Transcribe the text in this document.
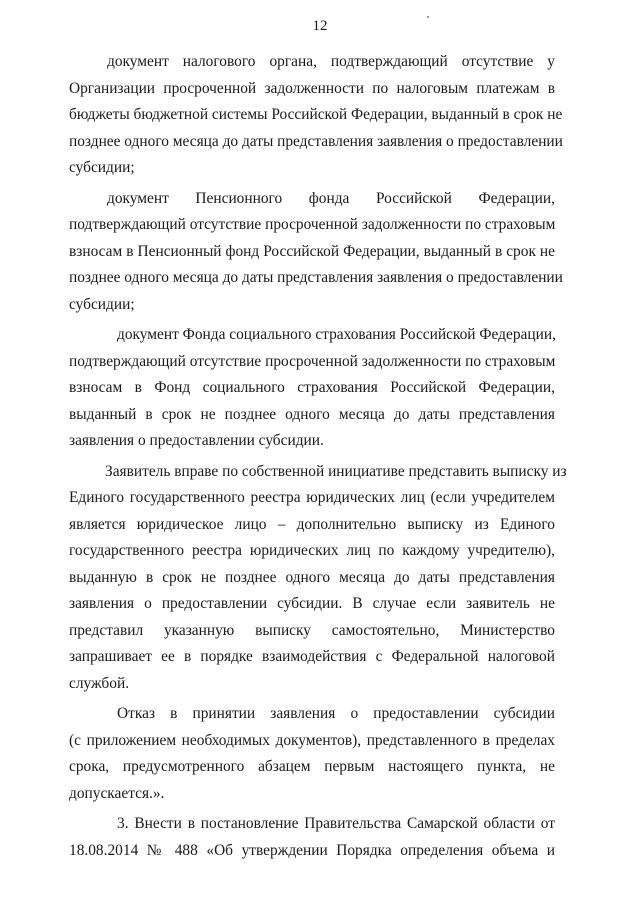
12

документ налогового органа, подтверждающий отсутствие у
Организации просроченной задолженности по налоговым платежам в
бюджеты бюджетной системы Российской Федерации, выданный в срок не
позднее одного месяца до даты представления заявления о предоставлении
субсидии;

документ Пенсионного фонда Российской Федерации,
подтверждающий отсутствие просроченной задолженности по страховым
взносам в Пенсионный фонд Российской Федерации, выданный в срок не
позднее одного месяца до даты представления заявления о предоставлении
субсидии;

документ Фонда социального страхования Российской Федерации,
подтверждающий отсутствие просроченной задолженности по страховым
взносам в Фонд социального страхования Российской Федерации,
выданный в срок не позднее одного месяца до даты представления
заявления о предоставлении субсидии.

Заявитель вправе по собственной инициативе представить выписку из
Единого государственного реестра юридических лиц (если учредителем
является юридическое лицо – дополнительно выписку из Единого
государственного реестра юридических лиц по каждому учредителю),
выданную в срок не позднее одного месяца до даты представления
заявления о предоставлении субсидии. В случае если заявитель не
представил указанную выписку самостоятельно, Министерство
запрашивает ее в порядке взаимодействия с Федеральной налоговой
службой.

Отказ в принятии заявления о предоставлении субсидии
(с приложением необходимых документов), представленного в пределах
срока, предусмотренного абзацем первым настоящего пункта, не
допускается.».

3. Внести в постановление Правительства Самарской области от
18.08.2014 № 488 «Об утверждении Порядка определения объема и
